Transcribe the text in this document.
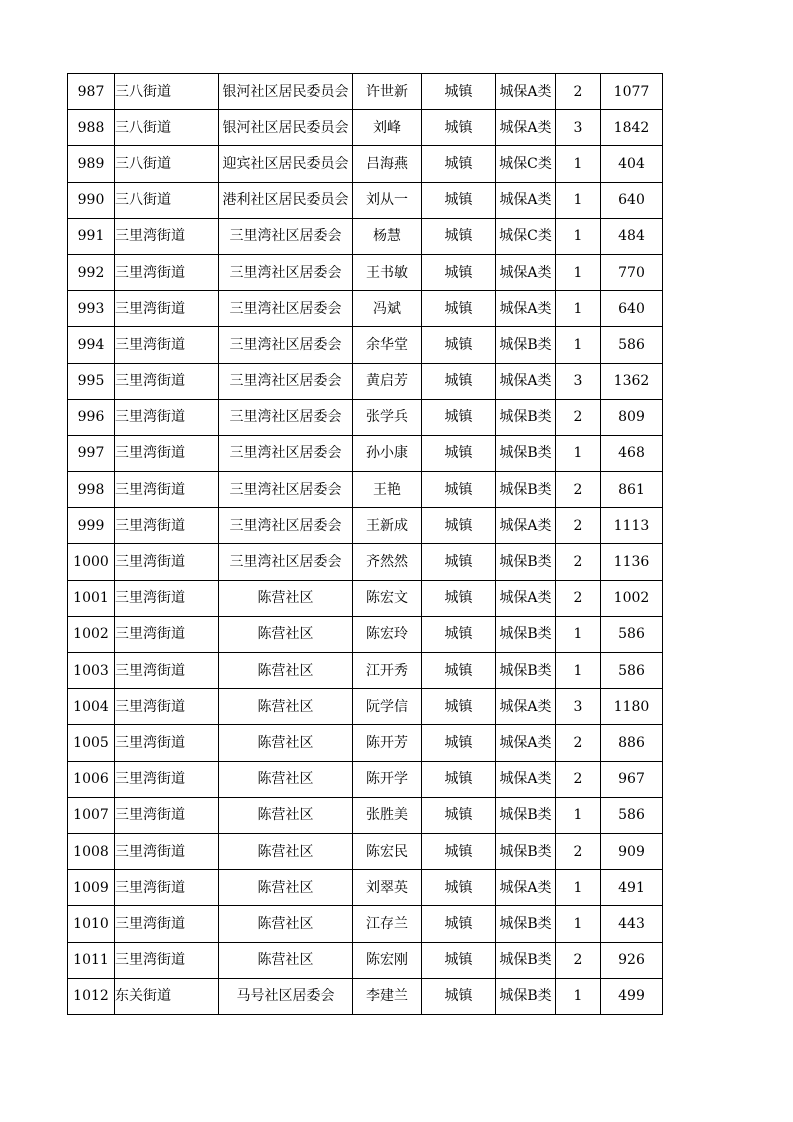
987	三八街道	银河社区居民委员会	许世新	城镇	城保A类	2	1077
988	三八街道	银河社区居民委员会	刘峰	城镇	城保A类	3	1842
989	三八街道	迎宾社区居民委员会	吕海燕	城镇	城保C类	1	404
990	三八街道	港利社区居民委员会	刘从一	城镇	城保A类	1	640
991	三里湾街道	三里湾社区居委会	杨慧	城镇	城保C类	1	484
992	三里湾街道	三里湾社区居委会	王书敏	城镇	城保A类	1	770
993	三里湾街道	三里湾社区居委会	冯斌	城镇	城保A类	1	640
994	三里湾街道	三里湾社区居委会	余华堂	城镇	城保B类	1	586
995	三里湾街道	三里湾社区居委会	黄启芳	城镇	城保A类	3	1362
996	三里湾街道	三里湾社区居委会	张学兵	城镇	城保B类	2	809
997	三里湾街道	三里湾社区居委会	孙小康	城镇	城保B类	1	468
998	三里湾街道	三里湾社区居委会	王艳	城镇	城保B类	2	861
999	三里湾街道	三里湾社区居委会	王新成	城镇	城保A类	2	1113
1000	三里湾街道	三里湾社区居委会	齐然然	城镇	城保B类	2	1136
1001	三里湾街道	陈营社区	陈宏文	城镇	城保A类	2	1002
1002	三里湾街道	陈营社区	陈宏玲	城镇	城保B类	1	586
1003	三里湾街道	陈营社区	江开秀	城镇	城保B类	1	586
1004	三里湾街道	陈营社区	阮学信	城镇	城保A类	3	1180
1005	三里湾街道	陈营社区	陈开芳	城镇	城保A类	2	886
1006	三里湾街道	陈营社区	陈开学	城镇	城保A类	2	967
1007	三里湾街道	陈营社区	张胜美	城镇	城保B类	1	586
1008	三里湾街道	陈营社区	陈宏民	城镇	城保B类	2	909
1009	三里湾街道	陈营社区	刘翠英	城镇	城保A类	1	491
1010	三里湾街道	陈营社区	江存兰	城镇	城保B类	1	443
1011	三里湾街道	陈营社区	陈宏刚	城镇	城保B类	2	926
1012	东关街道	马号社区居委会	李建兰	城镇	城保B类	1	499
